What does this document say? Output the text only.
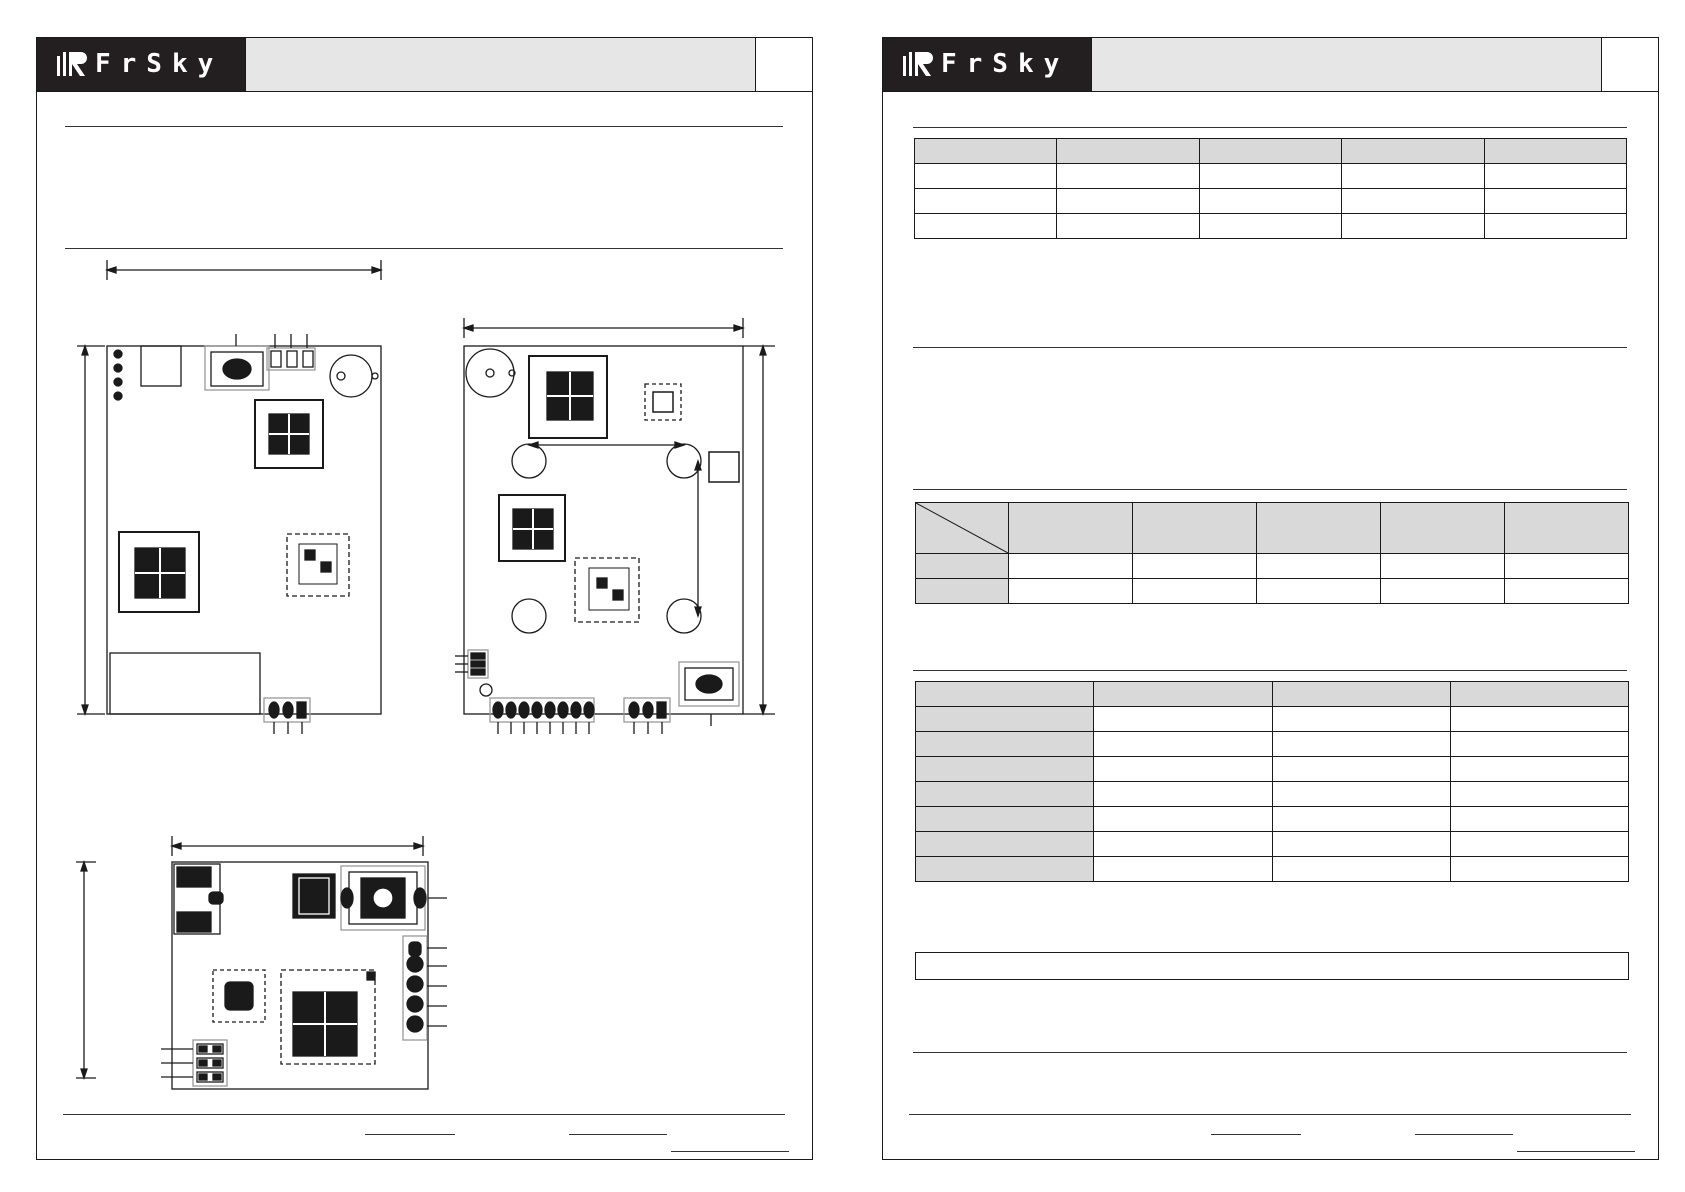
FrSky	FrSky
